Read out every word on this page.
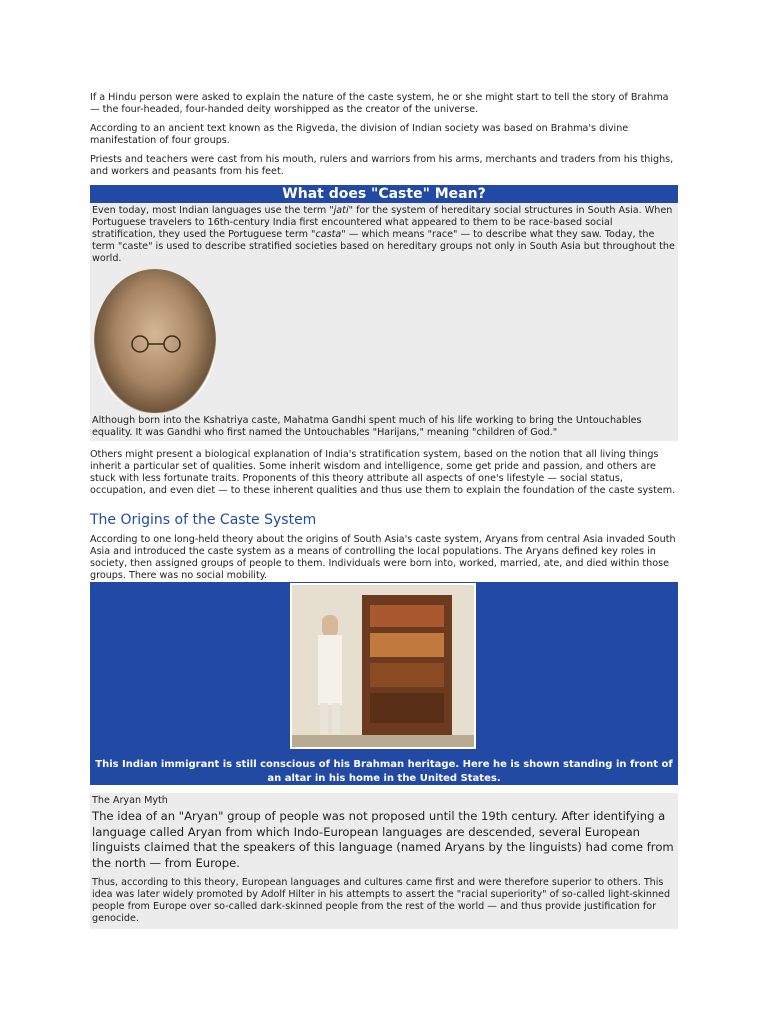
If a Hindu person were asked to explain the nature of the caste system, he or she might start to tell the story of Brahma — the four-headed, four-handed deity worshipped as the creator of the universe.

According to an ancient text known as the Rigveda, the division of Indian society was based on Brahma's divine manifestation of four groups.

Priests and teachers were cast from his mouth, rulers and warriors from his arms, merchants and traders from his thighs, and workers and peasants from his feet.

What does "Caste" Mean?

Even today, most Indian languages use the term "jati" for the system of hereditary social structures in South Asia. When Portuguese travelers to 16th-century India first encountered what appeared to them to be race-based social stratification, they used the Portuguese term "casta" — which means "race" — to describe what they saw. Today, the term "caste" is used to describe stratified societies based on hereditary groups not only in South Asia but throughout the world.

Although born into the Kshatriya caste, Mahatma Gandhi spent much of his life working to bring the Untouchables equality. It was Gandhi who first named the Untouchables "Harijans," meaning "children of God."

Others might present a biological explanation of India's stratification system, based on the notion that all living things inherit a particular set of qualities. Some inherit wisdom and intelligence, some get pride and passion, and others are stuck with less fortunate traits. Proponents of this theory attribute all aspects of one's lifestyle — social status, occupation, and even diet — to these inherent qualities and thus use them to explain the foundation of the caste system.

The Origins of the Caste System

According to one long-held theory about the origins of South Asia's caste system, Aryans from central Asia invaded South Asia and introduced the caste system as a means of controlling the local populations. The Aryans defined key roles in society, then assigned groups of people to them. Individuals were born into, worked, married, ate, and died within those groups. There was no social mobility.

This Indian immigrant is still conscious of his Brahman heritage. Here he is shown standing in front of an altar in his home in the United States.
The Aryan Myth

The idea of an "Aryan" group of people was not proposed until the 19th century. After identifying a language called Aryan from which Indo-European languages are descended, several European linguists claimed that the speakers of this language (named Aryans by the linguists) had come from the north — from Europe.

Thus, according to this theory, European languages and cultures came first and were therefore superior to others. This idea was later widely promoted by Adolf Hilter in his attempts to assert the "racial superiority" of so-called light-skinned people from Europe over so-called dark-skinned people from the rest of the world — and thus provide justification for genocide.
